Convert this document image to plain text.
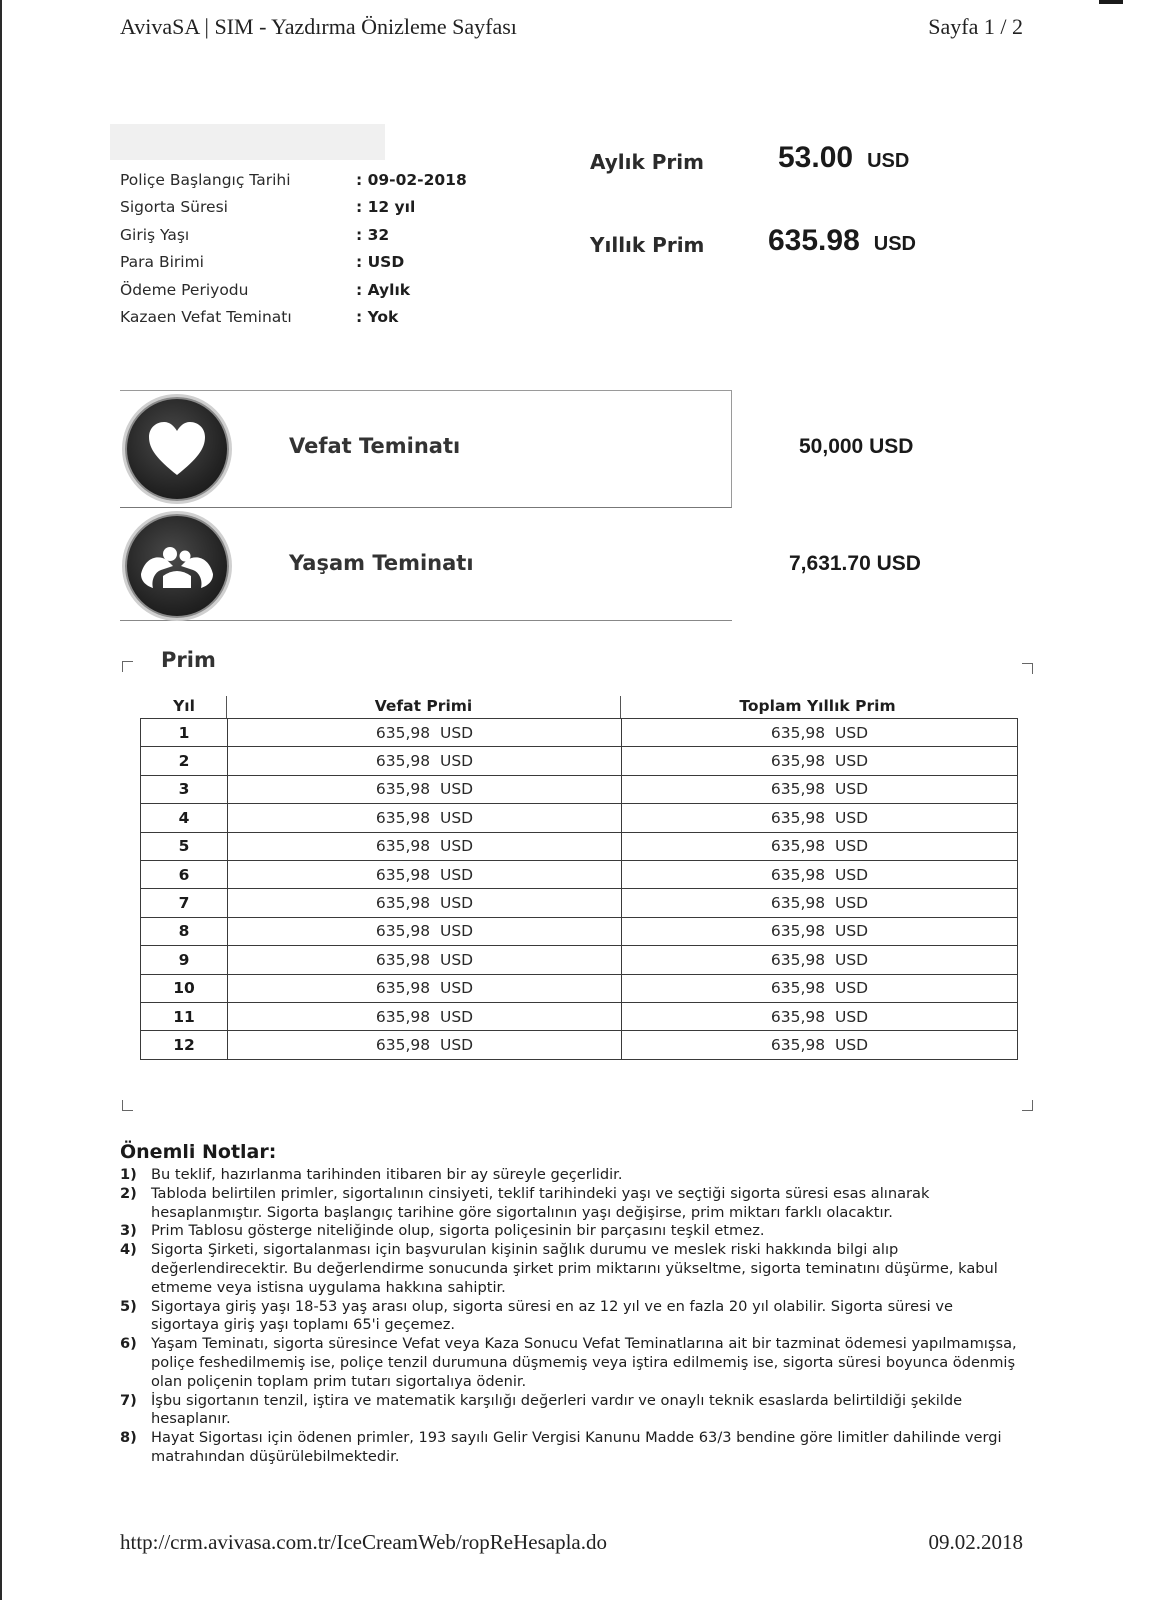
AvivaSA | SIM - Yazdırma Önizleme Sayfası	Sayfa 1 / 2
Poliçe Başlangıç Tarihi	: 09-02-2018
Sigorta Süresi	: 12 yıl
Giriş Yaşı	: 32
Para Birimi	: USD
Ödeme Periyodu	: Aylık
Kazaen Vefat Teminatı	: Yok
Aylık Prim 53.00 USD
Yıllık Prim 635.98 USD
Vefat Teminatı	50,000 USD
Yaşam Teminatı	7,631.70 USD
Prim
Yıl	Vefat Primi	Toplam Yıllık Prim
1	635,98  USD	635,98  USD
2	635,98  USD	635,98  USD
3	635,98  USD	635,98  USD
4	635,98  USD	635,98  USD
5	635,98  USD	635,98  USD
6	635,98  USD	635,98  USD
7	635,98  USD	635,98  USD
8	635,98  USD	635,98  USD
9	635,98  USD	635,98  USD
10	635,98  USD	635,98  USD
11	635,98  USD	635,98  USD
12	635,98  USD	635,98  USD
Önemli Notlar:
1) Bu teklif, hazırlanma tarihinden itibaren bir ay süreyle geçerlidir.
2) Tabloda belirtilen primler, sigortalının cinsiyeti, teklif tarihindeki yaşı ve seçtiği sigorta süresi esas alınarak hesaplanmıştır. Sigorta başlangıç tarihine göre sigortalının yaşı değişirse, prim miktarı farklı olacaktır.
3) Prim Tablosu gösterge niteliğinde olup, sigorta poliçesinin bir parçasını teşkil etmez.
4) Sigorta Şirketi, sigortalanması için başvurulan kişinin sağlık durumu ve meslek riski hakkında bilgi alıp değerlendirecektir. Bu değerlendirme sonucunda şirket prim miktarını yükseltme, sigorta teminatını düşürme, kabul etmeme veya istisna uygulama hakkına sahiptir.
5) Sigortaya giriş yaşı 18-53 yaş arası olup, sigorta süresi en az 12 yıl ve en fazla 20 yıl olabilir. Sigorta süresi ve sigortaya giriş yaşı toplamı 65'i geçemez.
6) Yaşam Teminatı, sigorta süresince Vefat veya Kaza Sonucu Vefat Teminatlarına ait bir tazminat ödemesi yapılmamışsa, poliçe feshedilmemiş ise, poliçe tenzil durumuna düşmemiş veya iştira edilmemiş ise, sigorta süresi boyunca ödenmiş olan poliçenin toplam prim tutarı sigortalıya ödenir.
7) İşbu sigortanın tenzil, iştira ve matematik karşılığı değerleri vardır ve onaylı teknik esaslarda belirtildiği şekilde hesaplanır.
8) Hayat Sigortası için ödenen primler, 193 sayılı Gelir Vergisi Kanunu Madde 63/3 bendine göre limitler dahilinde vergi matrahından düşürülebilmektedir.
http://crm.avivasa.com.tr/IceCreamWeb/ropReHesapla.do	09.02.2018
